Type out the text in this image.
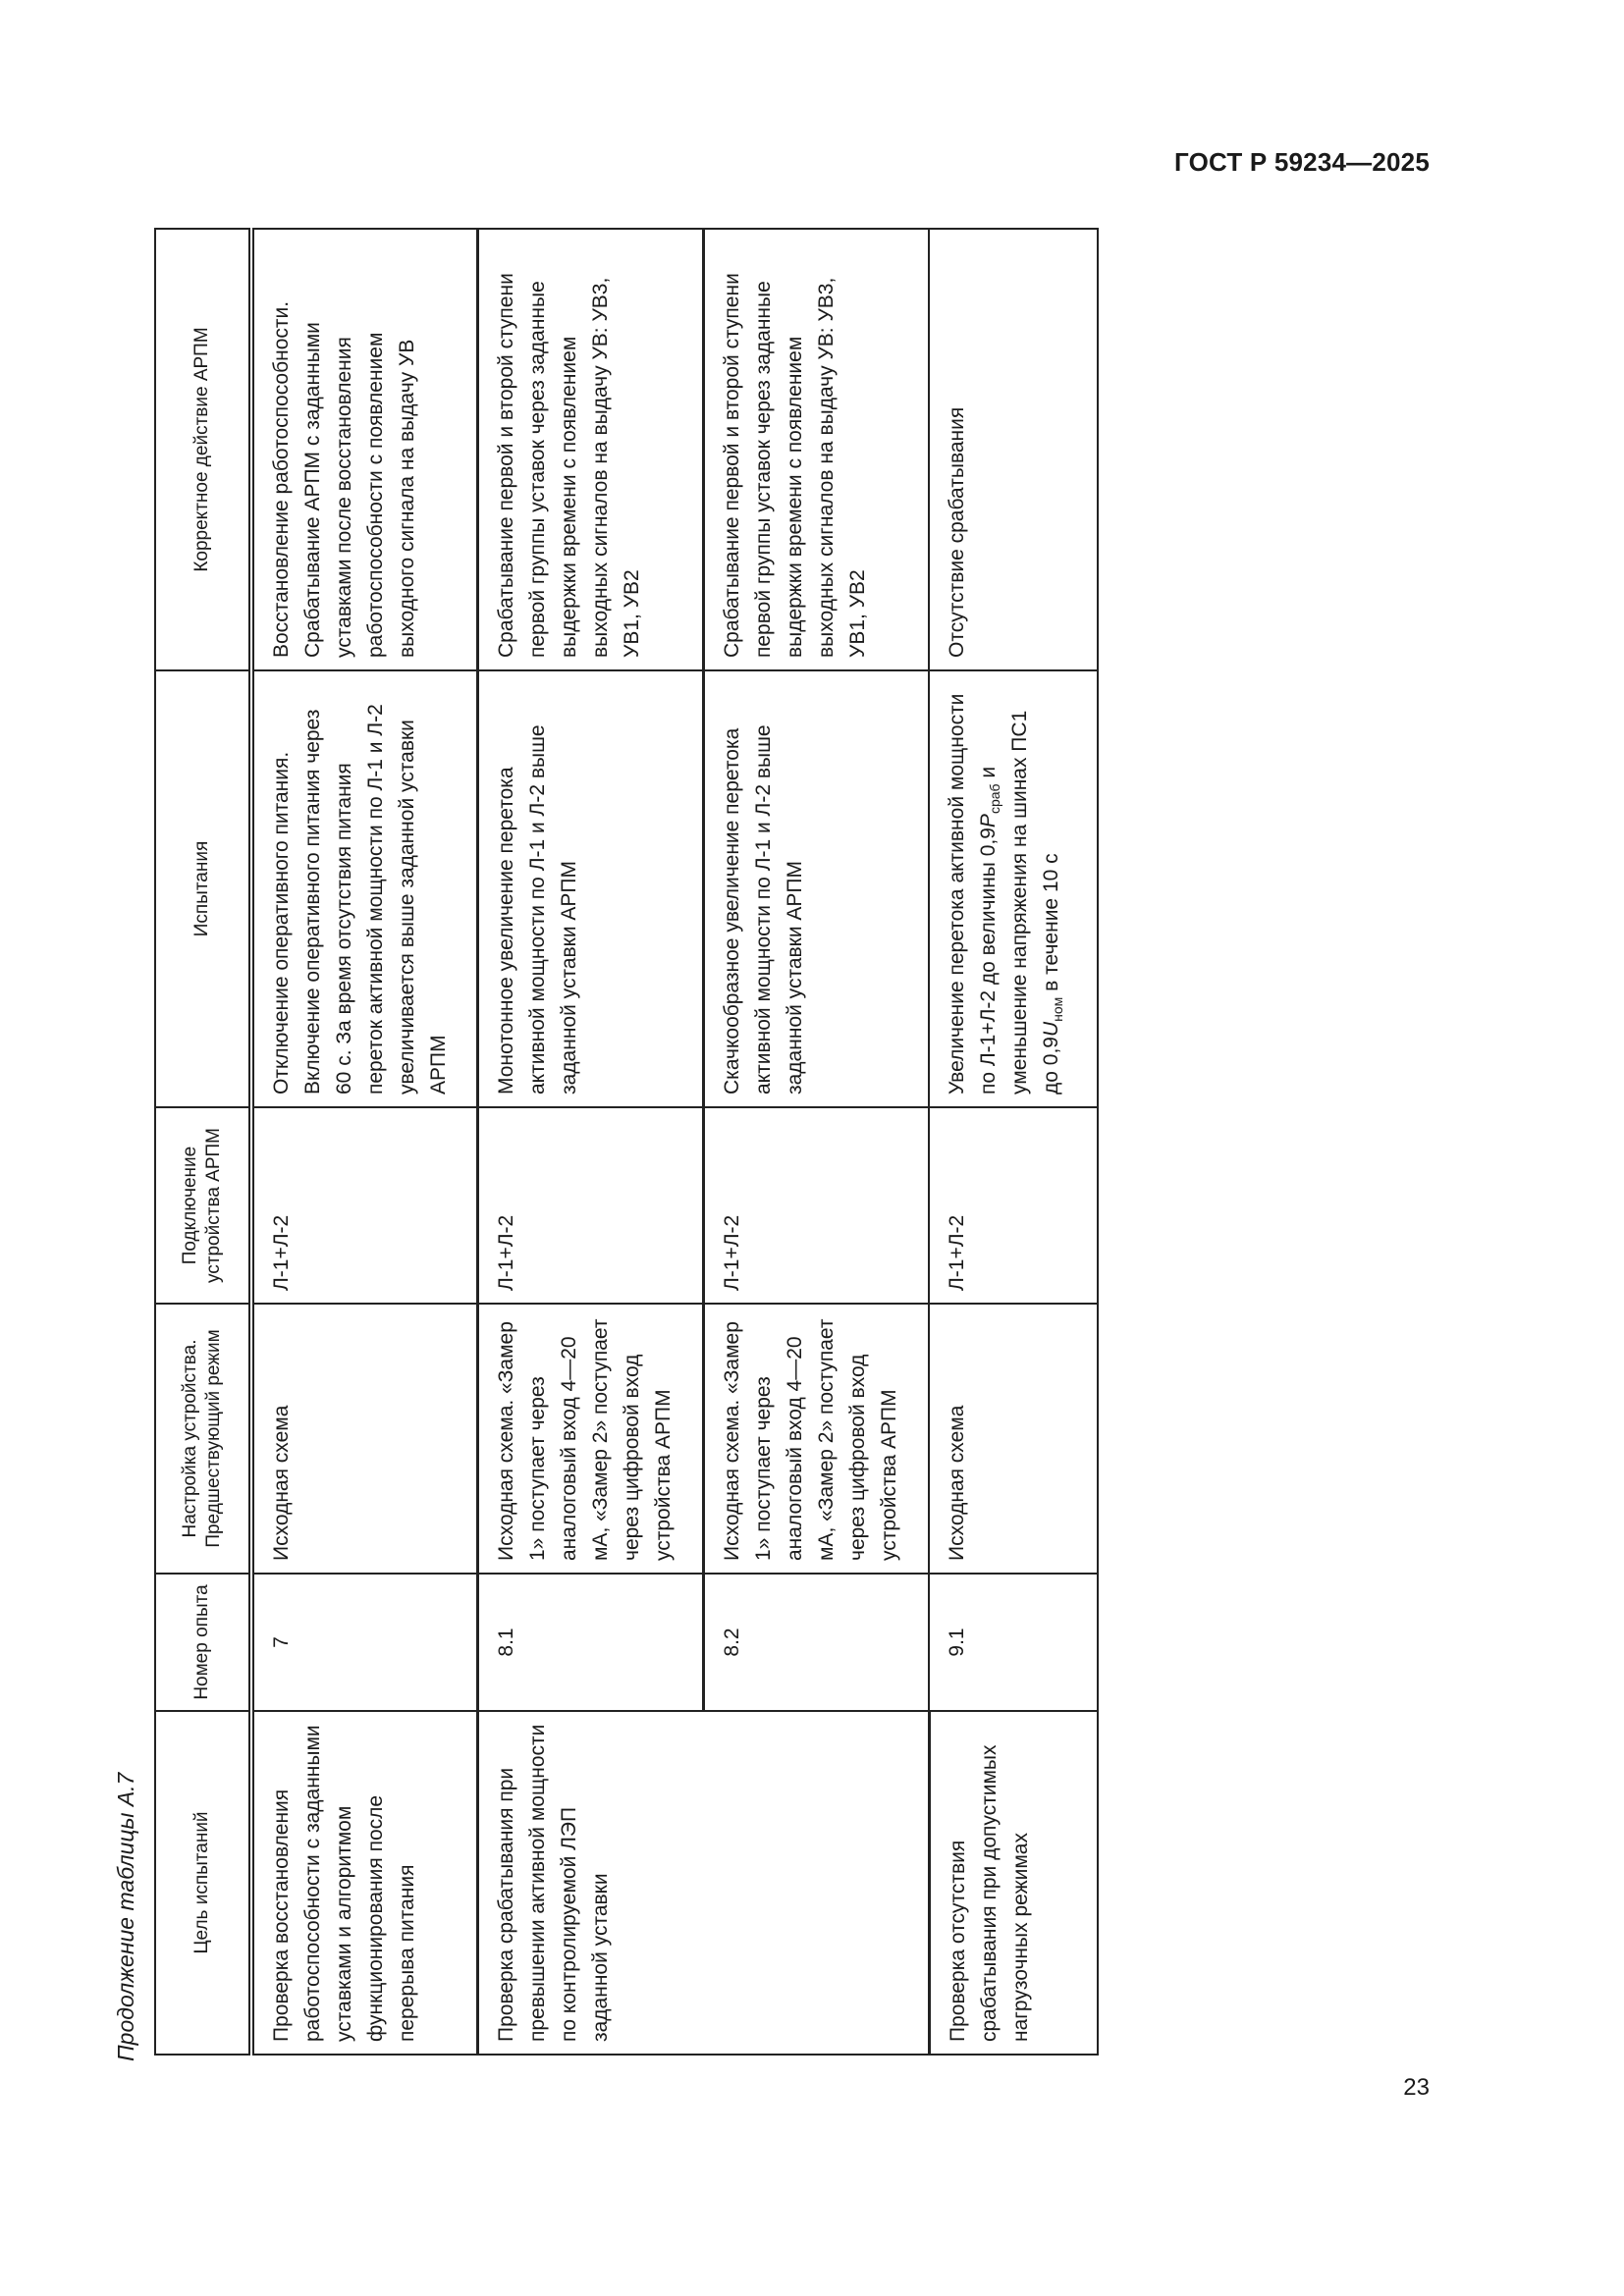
ГОСТ Р 59234—2025
Продолжение таблицы А.7	Цель испытаний	Номер опыта	Настройка устройства. Предшествующий режим	Подключение устройства АРПМ	Испытания	Корректное действие АРПМ
Проверка восстановления работоспособности с заданными уставками и алгоритмом функционирования после перерыва питания	7	Исходная схема	Л-1+Л-2	Отключение оперативного питания. Включение оперативного питания через 60 с. За время отсутствия питания переток активной мощности по Л-1 и Л-2 увеличивается выше заданной уставки АРПМ	Восстановление работоспособности. Срабатывание АРПМ с заданными уставками после восстановления работоспособности с появлением выходного сигнала на выдачу УВ
Проверка срабатывания при превышении активной мощности по контролируемой ЛЭП заданной уставки	8.1	Исходная схема. «Замер 1» поступает через аналоговый вход 4—20 мА, «Замер 2» поступает через цифровой вход устройства АРПМ	Л-1+Л-2	Монотонное увеличение перетока активной мощности по Л-1 и Л-2 выше заданной уставки АРПМ	Срабатывание первой и второй ступени первой группы уставок через заданные выдержки времени с появлением выходных сигналов на выдачу УВ: УВ3, УВ1, УВ2
	8.2	Исходная схема. «Замер 1» поступает через аналоговый вход 4—20 мА, «Замер 2» поступает через цифровой вход устройства АРПМ	Л-1+Л-2	Скачкообразное увеличение перетока активной мощности по Л-1 и Л-2 выше заданной уставки АРПМ	Срабатывание первой и второй ступени первой группы уставок через заданные выдержки времени с появлением выходных сигналов на выдачу УВ: УВ3, УВ1, УВ2
Проверка отсутствия срабатывания при допустимых нагрузочных режимах	9.1	Исходная схема	Л-1+Л-2	Увеличение перетока активной мощности по Л-1+Л-2 до величины $0,9P_{сраб}$ и уменьшение напряжения на шинах ПС1 до $0,9U_{ном}$ в течение 10 с	Отсутствие срабатывания
23
